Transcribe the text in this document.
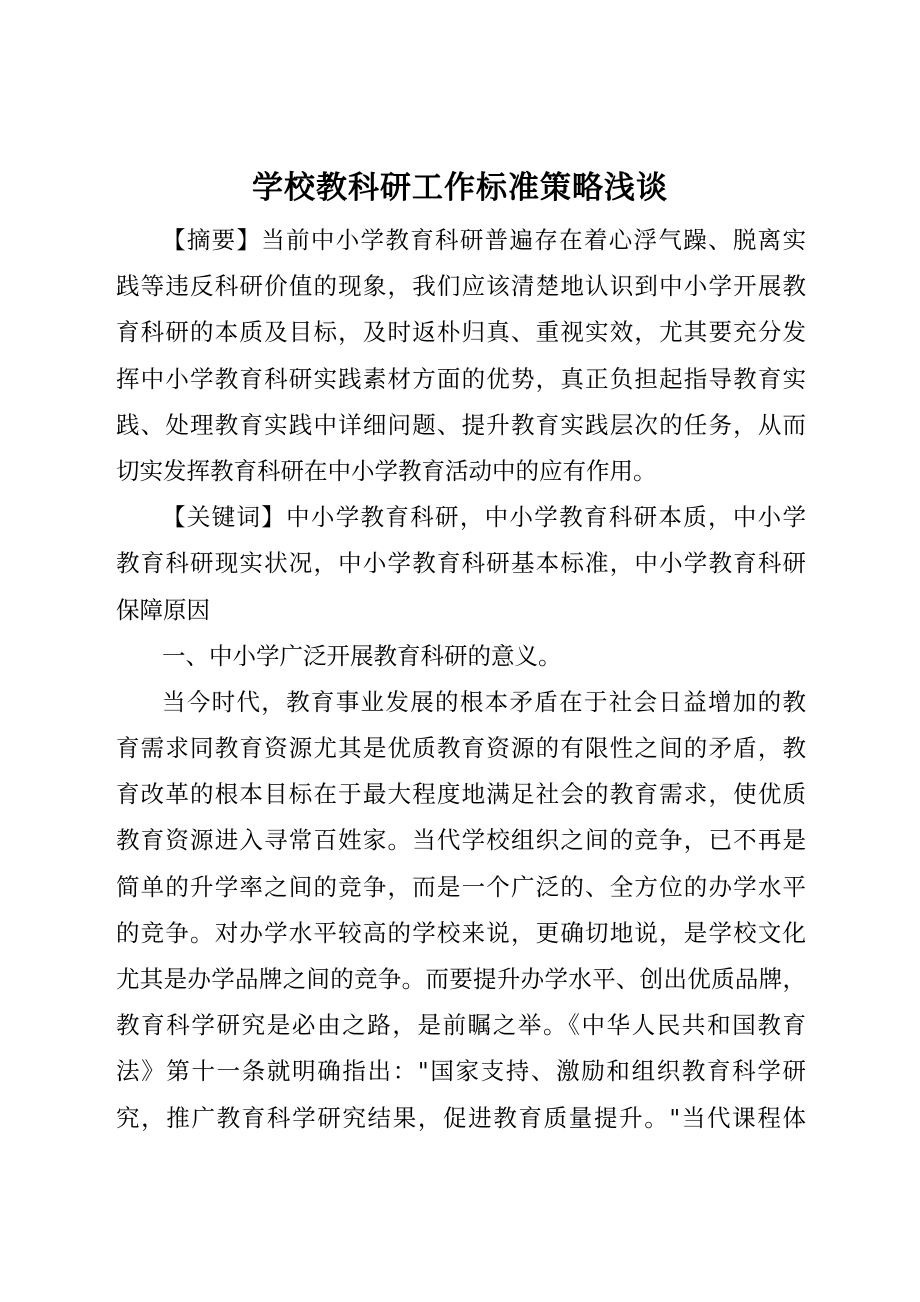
学校教科研工作标准策略浅谈
【摘要】当前中小学教育科研普遍存在着心浮气躁、脱离实
践等违反科研价值的现象，我们应该清楚地认识到中小学开展教
育科研的本质及目标，及时返朴归真、重视实效，尤其要充分发
挥中小学教育科研实践素材方面的优势，真正负担起指导教育实
践、处理教育实践中详细问题、提升教育实践层次的任务，从而
切实发挥教育科研在中小学教育活动中的应有作用。
【关键词】中小学教育科研，中小学教育科研本质，中小学
教育科研现实状况，中小学教育科研基本标准，中小学教育科研
保障原因
一、中小学广泛开展教育科研的意义。
当今时代，教育事业发展的根本矛盾在于社会日益增加的教
育需求同教育资源尤其是优质教育资源的有限性之间的矛盾，教
育改革的根本目标在于最大程度地满足社会的教育需求，使优质
教育资源进入寻常百姓家。当代学校组织之间的竞争，已不再是
简单的升学率之间的竞争，而是一个广泛的、全方位的办学水平
的竞争。对办学水平较高的学校来说，更确切地说，是学校文化
尤其是办学品牌之间的竞争。而要提升办学水平、创出优质品牌，
教育科学研究是必由之路，是前瞩之举。《中华人民共和国教育
法》第十一条就明确指出："国家支持、激励和组织教育科学研
究，推广教育科学研究结果，促进教育质量提升。"当代课程体
